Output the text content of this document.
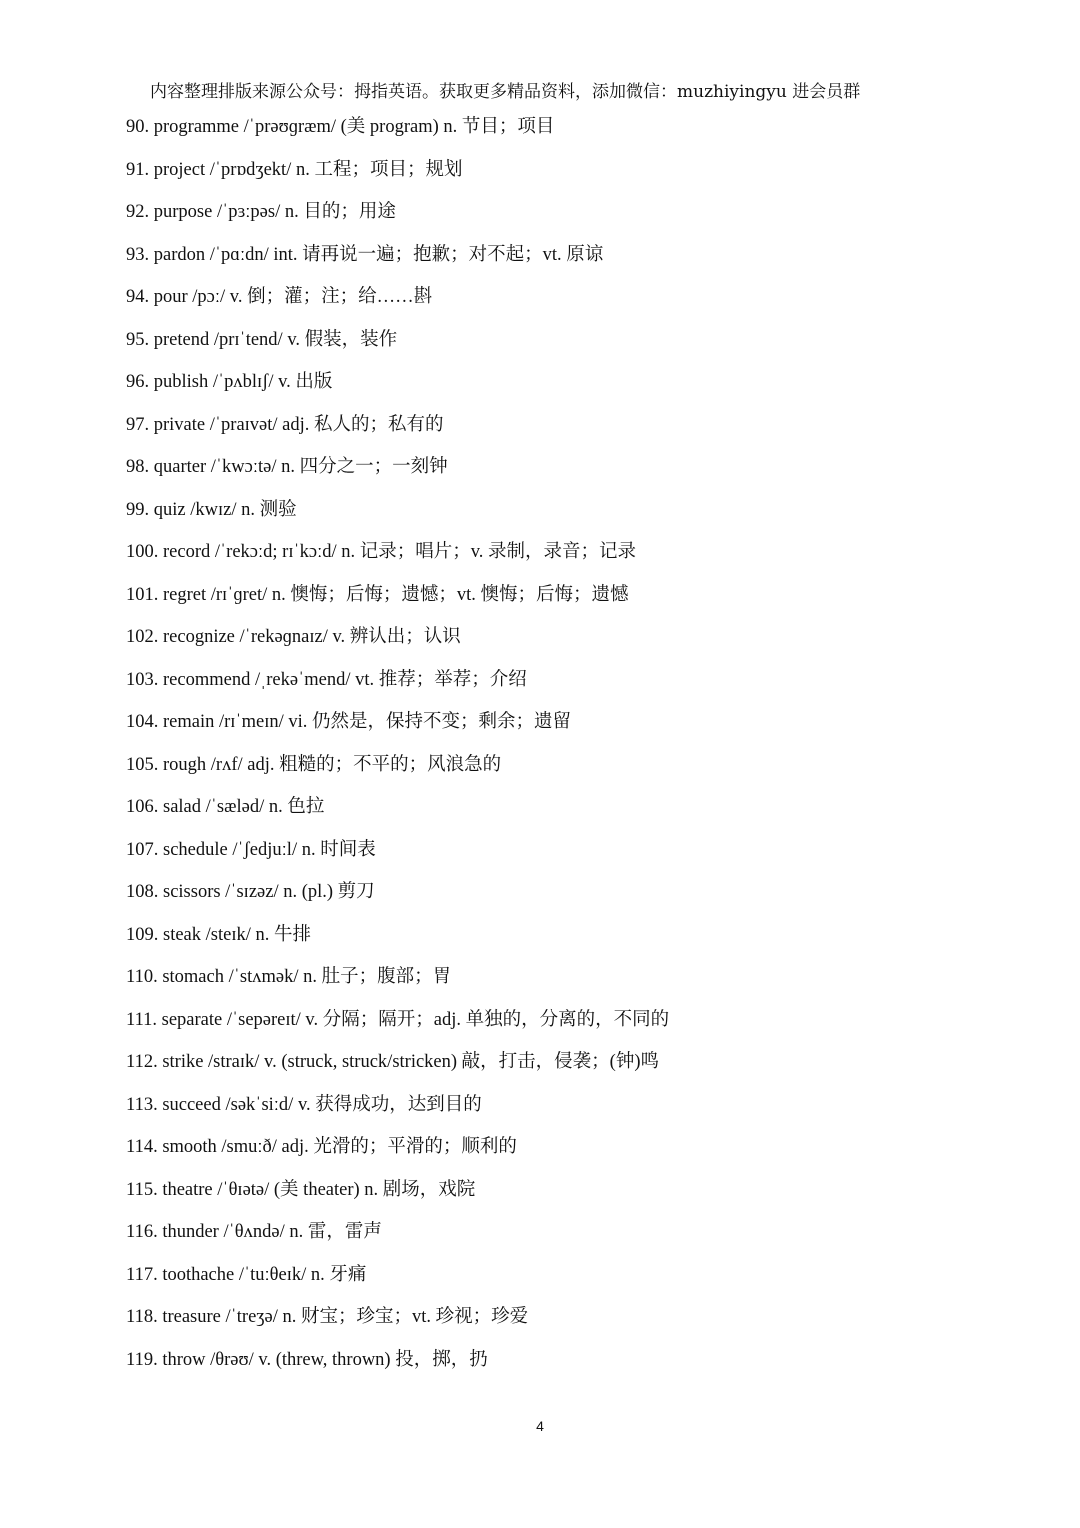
内容整理排版来源公众号：拇指英语。获取更多精品资料，添加微信：muzhiyingyu 进会员群
90. programme /ˈprəʊɡræm/ (美 program) n. 节目；项目
91. project /ˈprɒdʒekt/ n. 工程；项目；规划
92. purpose /ˈpɜːpəs/ n. 目的；用途
93. pardon /ˈpɑːdn/ int. 请再说一遍；抱歉；对不起；vt. 原谅
94. pour /pɔː/ v. 倒；灌；注；给……斟
95. pretend /prɪˈtend/ v. 假装，装作
96. publish /ˈpʌblɪʃ/ v. 出版
97. private /ˈpraɪvət/ adj. 私人的；私有的
98. quarter /ˈkwɔːtə/ n. 四分之一；一刻钟
99. quiz /kwɪz/ n. 测验
100. record /ˈrekɔːd; rɪˈkɔːd/ n. 记录；唱片；v. 录制，录音；记录
101. regret /rɪˈɡret/ n. 懊悔；后悔；遗憾；vt. 懊悔；后悔；遗憾
102. recognize /ˈrekəɡnaɪz/ v. 辨认出；认识
103. recommend /ˌrekəˈmend/ vt. 推荐；举荐；介绍
104. remain /rɪˈmeɪn/ vi. 仍然是，保持不变；剩余；遗留
105. rough /rʌf/ adj. 粗糙的；不平的；风浪急的
106. salad /ˈsæləd/ n. 色拉
107. schedule /ˈʃedjuːl/ n. 时间表
108. scissors /ˈsɪzəz/ n. (pl.) 剪刀
109. steak /steɪk/ n. 牛排
110. stomach /ˈstʌmək/ n. 肚子；腹部；胃
111. separate /ˈsepəreɪt/ v. 分隔；隔开；adj. 单独的，分离的，不同的
112. strike /straɪk/ v. (struck, struck/stricken) 敲，打击，侵袭；(钟)鸣
113. succeed /səkˈsiːd/ v. 获得成功，达到目的
114. smooth /smuːð/ adj. 光滑的；平滑的；顺利的
115. theatre /ˈθɪətə/ (美 theater) n. 剧场，戏院
116. thunder /ˈθʌndə/ n. 雷，雷声
117. toothache /ˈtuːθeɪk/ n. 牙痛
118. treasure /ˈtreʒə/ n. 财宝；珍宝；vt. 珍视；珍爱
119. throw /θrəʊ/ v. (threw, thrown) 投，掷，扔
4
